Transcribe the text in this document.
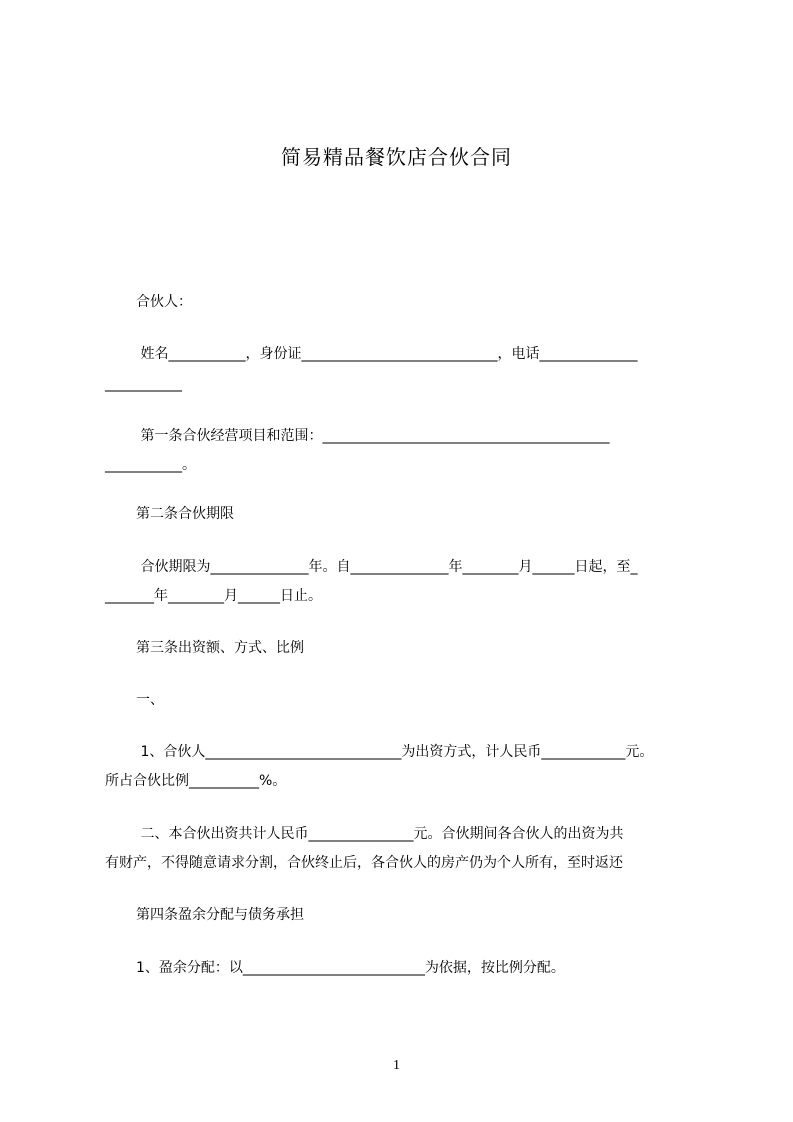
简易精品餐饮店合伙合同
合伙人：
姓名___________，身份证____________________________，电话______________
___________
第一条合伙经营项目和范围：_________________________________________
___________。
第二条合伙期限
合伙期限为______________年。自______________年________月______日起，至_
_______年________月______日止。
第三条出资额、方式、比例
一、
1、合伙人____________________________为出资方式，计人民币____________元。
所占合伙比例__________%。
二、本合伙出资共计人民币_______________元。合伙期间各合伙人的出资为共
有财产，不得随意请求分割，合伙终止后，各合伙人的房产仍为个人所有，至时返还
第四条盈余分配与债务承担
1、盈余分配：以__________________________为依据，按比例分配。
1
